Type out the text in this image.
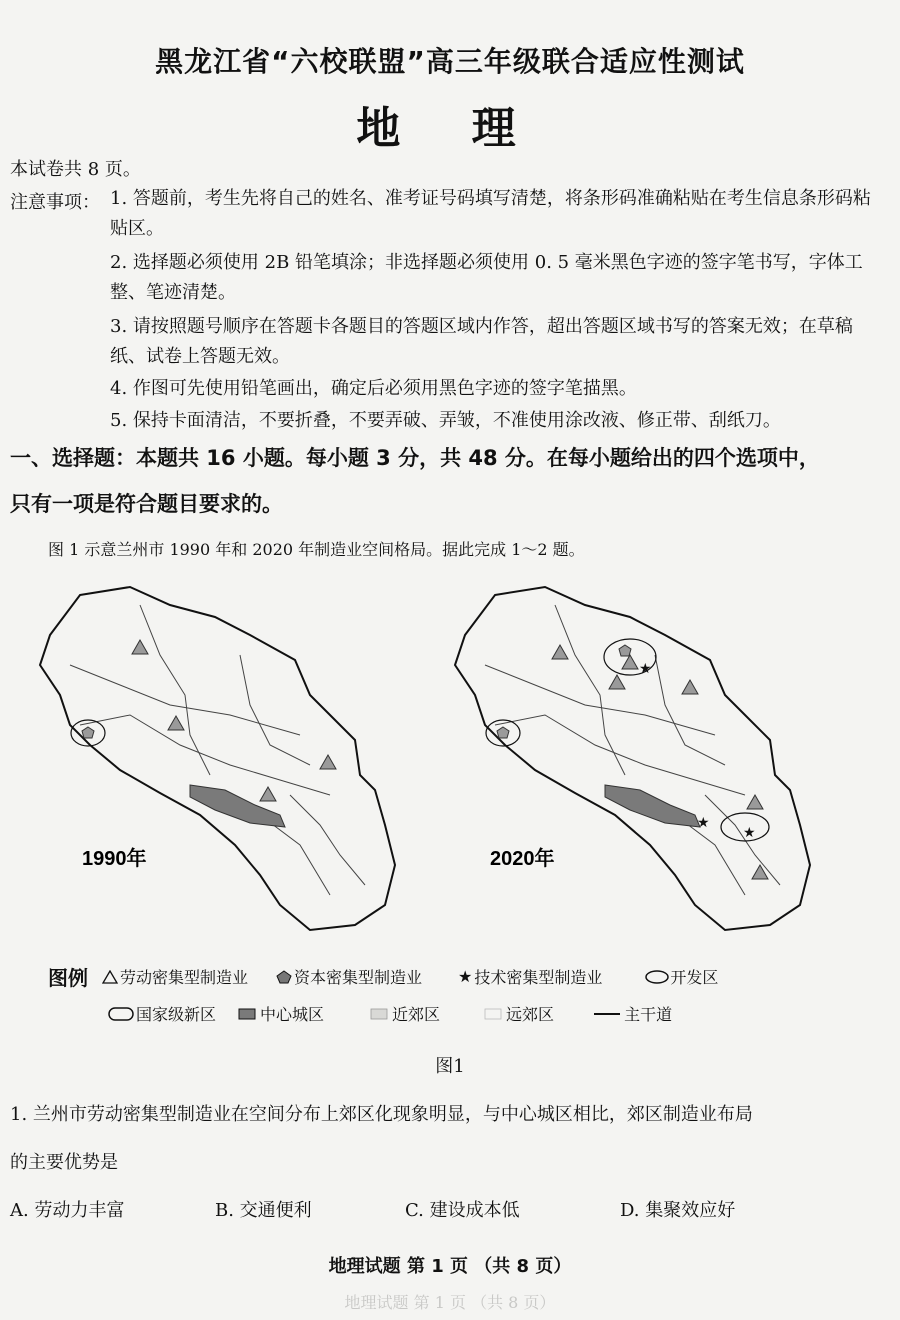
黑龙江省“六校联盟”高三年级联合适应性测试
地 理
本试卷共 8 页。
注意事项： 1. 答题前，考生先将自己的姓名、准考证号码填写清楚，将条形码准确粘贴在考生信息条形码粘贴区。
2. 选择题必须使用 2B 铅笔填涂；非选择题必须使用 0. 5 毫米黑色字迹的签字笔书写，字体工整、笔迹清楚。
3. 请按照题号顺序在答题卡各题目的答题区域内作答，超出答题区域书写的答案无效；在草稿纸、试卷上答题无效。
4. 作图可先使用铅笔画出，确定后必须用黑色字迹的签字笔描黑。
5. 保持卡面清洁，不要折叠，不要弄破、弄皱，不准使用涂改液、修正带、刮纸刀。
一、选择题：本题共 16 小题。每小题 3 分，共 48 分。在每小题给出的四个选项中，
只有一项是符合题目要求的。
图 1 示意兰州市 1990 年和 2020 年制造业空间格局。据此完成 1～2 题。
1990年
★
★
★
2020年
图例 劳动密集型制造业	资本密集型制造业 ★ 技术密集型制造业	开发区
国家级新区	中心城区	近郊区	远郊区	主干道
图1
1. 兰州市劳动密集型制造业在空间分布上郊区化现象明显，与中心城区相比，郊区制造业布局
的主要优势是
A. 劳动力丰富	B. 交通便利	C. 建设成本低	D. 集聚效应好
地理试题 第 1 页 （共 8 页）
地理试题 第 1 页 （共 8 页）
